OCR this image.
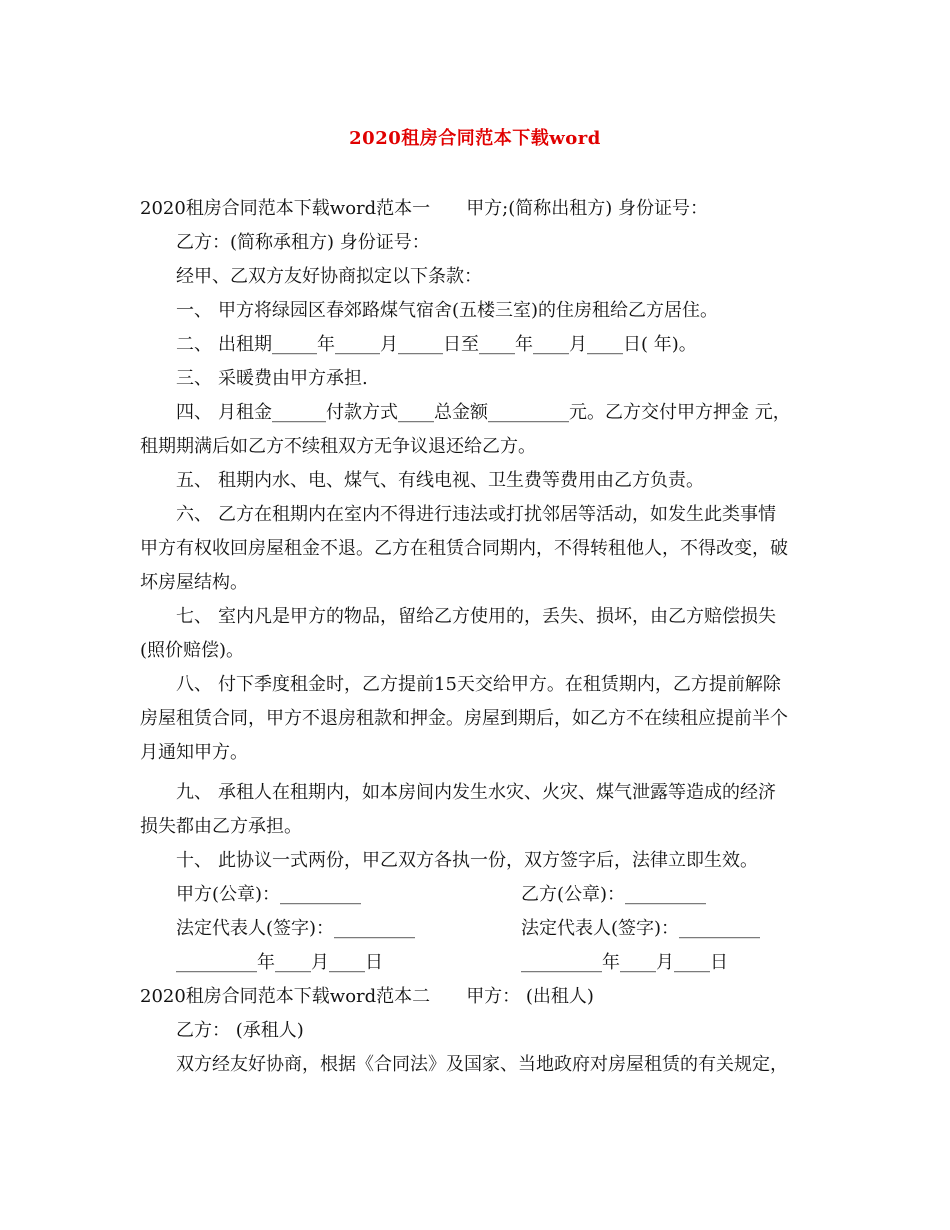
2020租房合同范本下载word
2020租房合同范本下载word范本一 甲方;(简称出租方) 身份证号：
乙方：(简称承租方) 身份证号：
经甲、乙双方友好协商拟定以下条款：
一、 甲方将绿园区春郊路煤气宿舍(五楼三室)的住房租给乙方居住。
二、 出租期_____年_____月_____日至____年____月____日( 年)。
三、 采暖费由甲方承担.
四、 月租金______付款方式____总金额_________元。乙方交付甲方押金 元，
租期期满后如乙方不续租双方无争议退还给乙方。
五、 租期内水、电、煤气、有线电视、卫生费等费用由乙方负责。
六、 乙方在租期内在室内不得进行违法或打扰邻居等活动，如发生此类事情
甲方有权收回房屋租金不退。乙方在租赁合同期内，不得转租他人，不得改变，破
坏房屋结构。
七、 室内凡是甲方的物品，留给乙方使用的，丢失、损坏，由乙方赔偿损失
(照价赔偿)。
八、 付下季度租金时，乙方提前15天交给甲方。在租赁期内，乙方提前解除
房屋租赁合同，甲方不退房租款和押金。房屋到期后，如乙方不在续租应提前半个
月通知甲方。
九、 承租人在租期内，如本房间内发生水灾、火灾、煤气泄露等造成的经济
损失都由乙方承担。
十、 此协议一式两份，甲乙双方各执一份，双方签字后，法律立即生效。
甲方(公章)：_________	乙方(公章)：_________
法定代表人(签字)：_________	法定代表人(签字)：_________
_________年____月____日	_________年____月____日
2020租房合同范本下载word范本二 甲方： (出租人)
乙方： (承租人)
双方经友好协商，根据《合同法》及国家、当地政府对房屋租赁的有关规定，
